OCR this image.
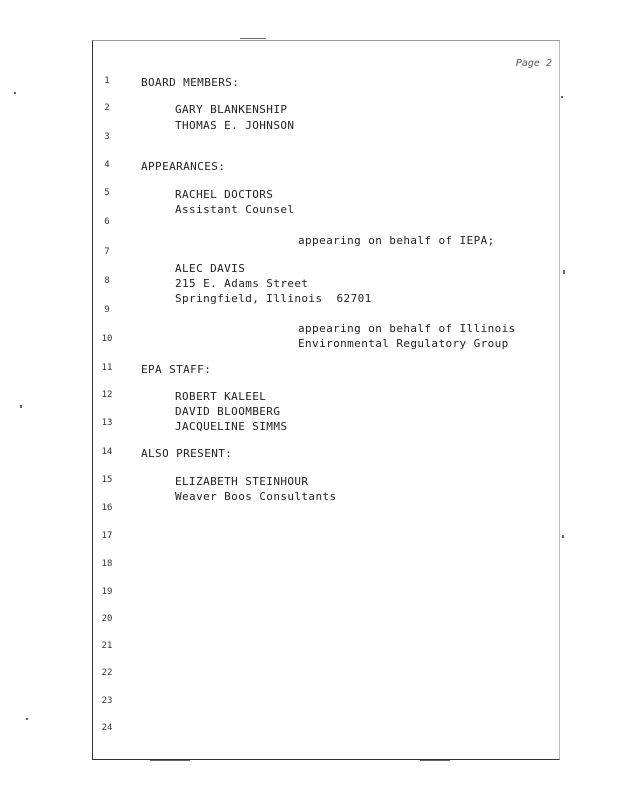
Page 2
1
2
3
4
5
6
7
8
9
10
11
12
13
14
15
16
17
18
19
20
21
22
23
24
BOARD MEMBERS:
GARY BLANKENSHIP
THOMAS E. JOHNSON
APPEARANCES:
RACHEL DOCTORS
Assistant Counsel
appearing on behalf of IEPA;
ALEC DAVIS
215 E. Adams Street
Springfield, Illinois  62701
appearing on behalf of Illinois
Environmental Regulatory Group
EPA STAFF:
ROBERT KALEEL
DAVID BLOOMBERG
JACQUELINE SIMMS
ALSO PRESENT:
ELIZABETH STEINHOUR
Weaver Boos Consultants
